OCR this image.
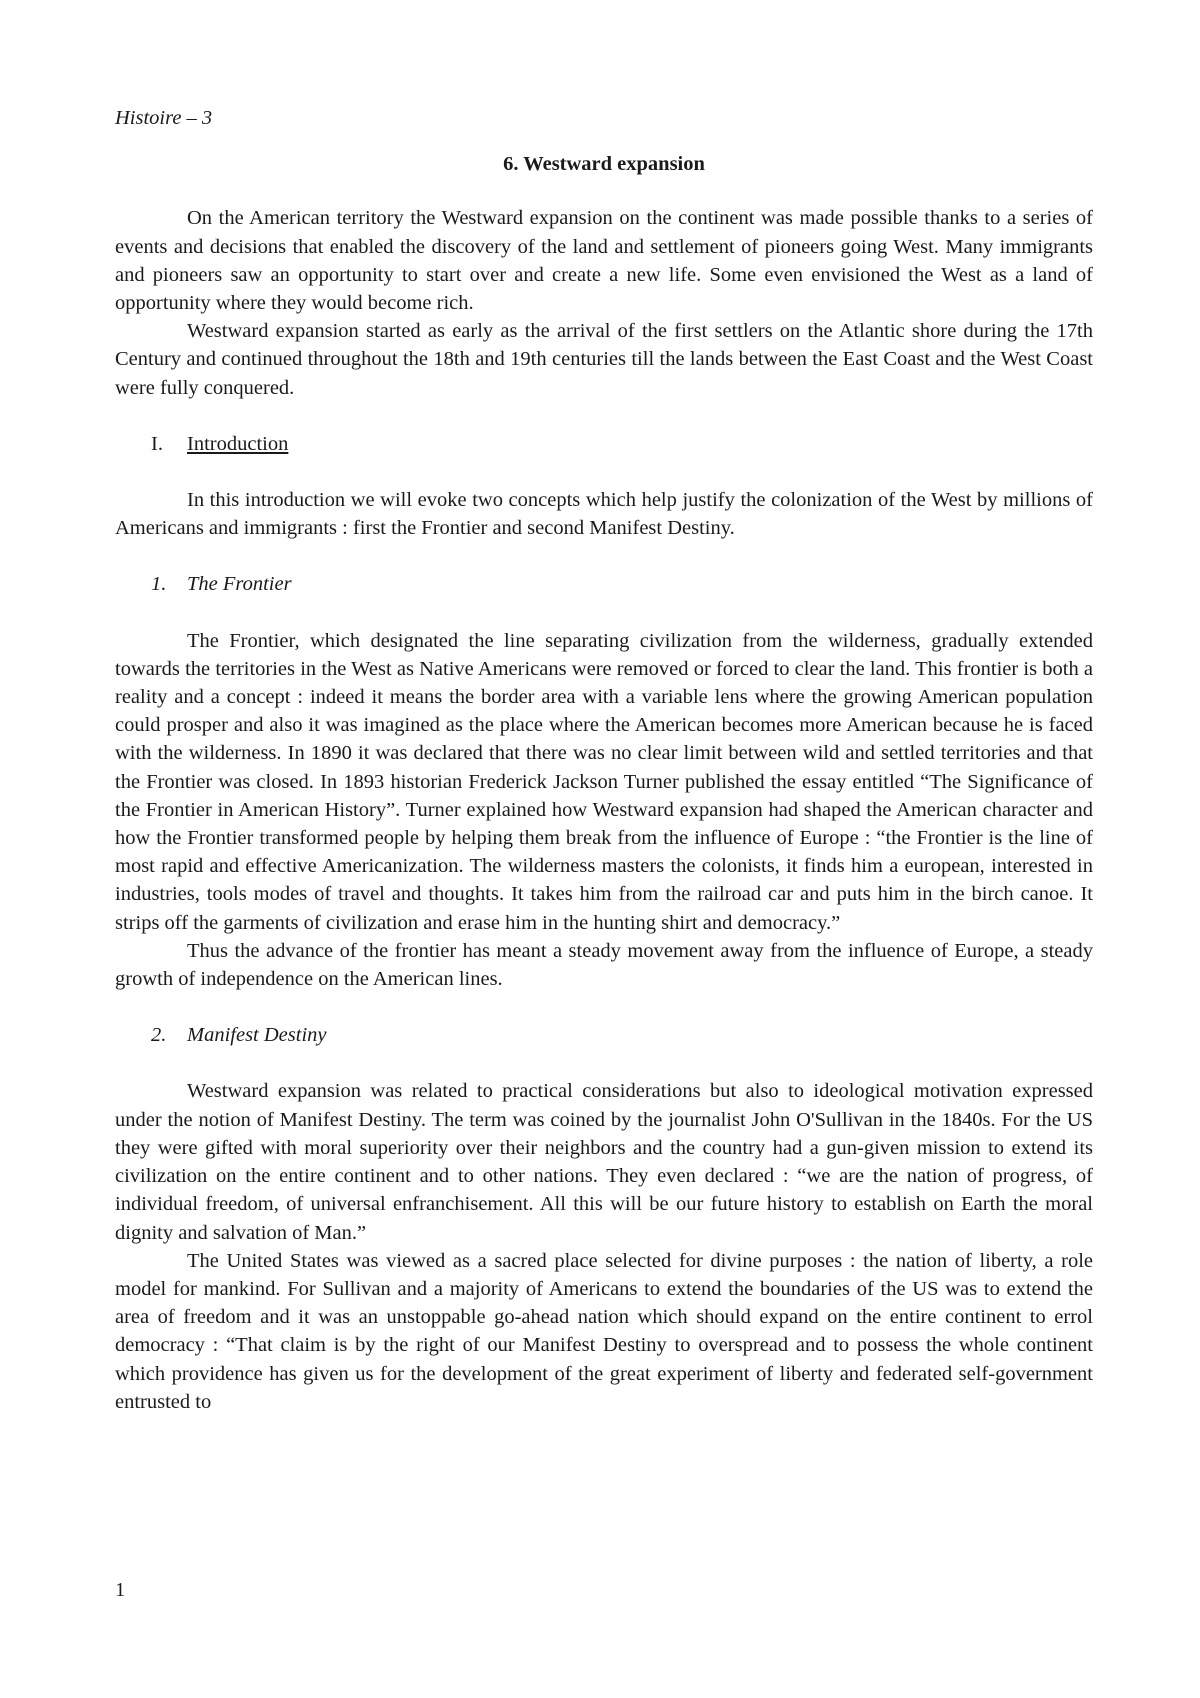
Histoire – 3
6. Westward expansion

On the American territory the Westward expansion on the continent was made possible thanks to a series of events and decisions that enabled the discovery of the land and settlement of pioneers going West. Many immigrants and pioneers saw an opportunity to start over and create a new life. Some even envisioned the West as a land of opportunity where they would become rich.

Westward expansion started as early as the arrival of the first settlers on the Atlantic shore during the 17th Century and continued throughout the 18th and 19th centuries till the lands between the East Coast and the West Coast were fully conquered.

I.	Introduction

In this introduction we will evoke two concepts which help justify the colonization of the West by millions of Americans and immigrants : first the Frontier and second Manifest Destiny.

1.	The Frontier

The Frontier, which designated the line separating civilization from the wilderness, gradually extended towards the territories in the West as Native Americans were removed or forced to clear the land. This frontier is both a reality and a concept : indeed it means the border area with a variable lens where the growing American population could prosper and also it was imagined as the place where the American becomes more American because he is faced with the wilderness. In 1890 it was declared that there was no clear limit between wild and settled territories and that the Frontier was closed. In 1893 historian Frederick Jackson Turner published the essay entitled “The Significance of the Frontier in American History”. Turner explained how Westward expansion had shaped the American character and how the Frontier transformed people by helping them break from the influence of Europe : “the Frontier is the line of most rapid and effective Americanization. The wilderness masters the colonists, it finds him a european, interested in industries, tools modes of travel and thoughts. It takes him from the railroad car and puts him in the birch canoe. It strips off the garments of civilization and erase him in the hunting shirt and democracy.”

Thus the advance of the frontier has meant a steady movement away from the influence of Europe, a steady growth of independence on the American lines.

2.	Manifest Destiny

Westward expansion was related to practical considerations but also to ideological motivation expressed under the notion of Manifest Destiny. The term was coined by the journalist John O'Sullivan in the 1840s. For the US they were gifted with moral superiority over their neighbors and the country had a gun-given mission to extend its civilization on the entire continent and to other nations. They even declared : “we are the nation of progress, of individual freedom, of universal enfranchisement. All this will be our future history to establish on Earth the moral dignity and salvation of Man.”

The United States was viewed as a sacred place selected for divine purposes : the nation of liberty, a role model for mankind. For Sullivan and a majority of Americans to extend the boundaries of the US was to extend the area of freedom and it was an unstoppable go-ahead nation which should expand on the entire continent to errol democracy : “That claim is by the right of our Manifest Destiny to overspread and to possess the whole continent which providence has given us for the development of the great experiment of liberty and federated self-government entrusted to

1
